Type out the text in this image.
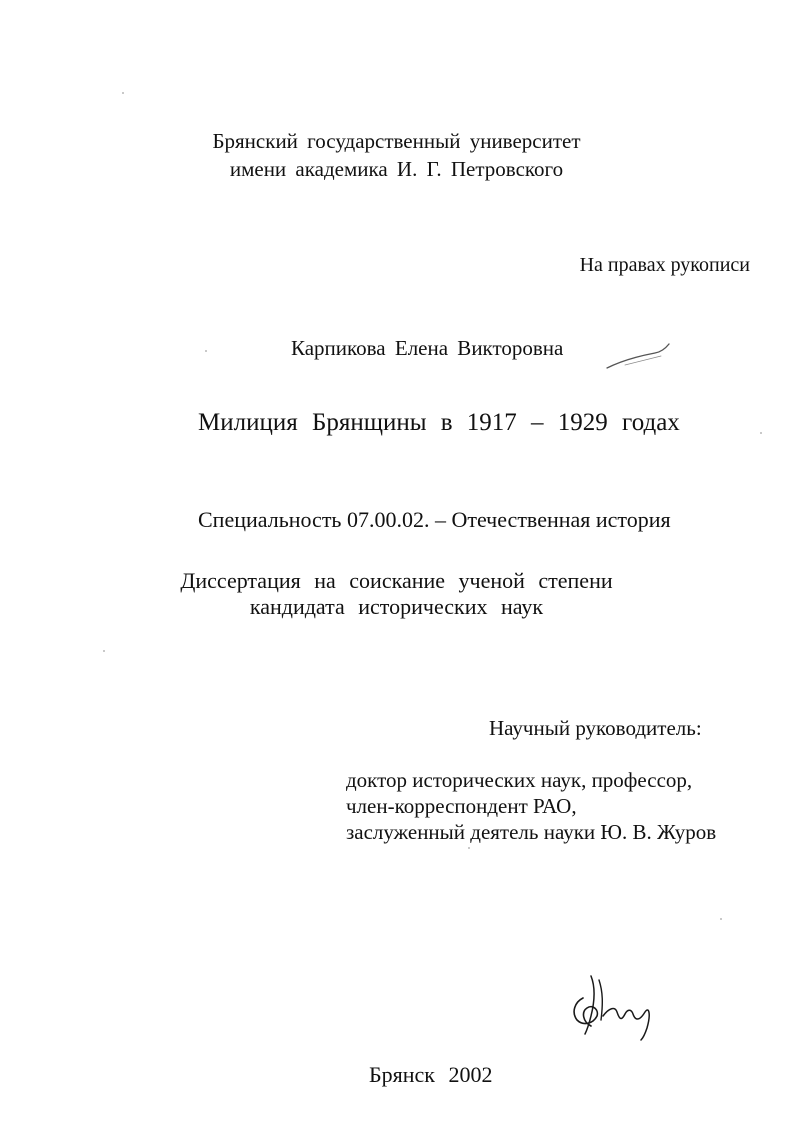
Брянский государственный университет
имени академика И. Г. Петровского
На правах рукописи
Карпикова Елена Викторовна
Милиция Брянщины в 1917 – 1929 годах
Специальность 07.00.02. – Отечественная история
Диссертация на соискание ученой степени
кандидата исторических наук
Научный руководитель:
доктор исторических наук, профессор,
член-корреспондент РАО,
заслуженный деятель науки Ю. В. Журов
Брянск 2002
